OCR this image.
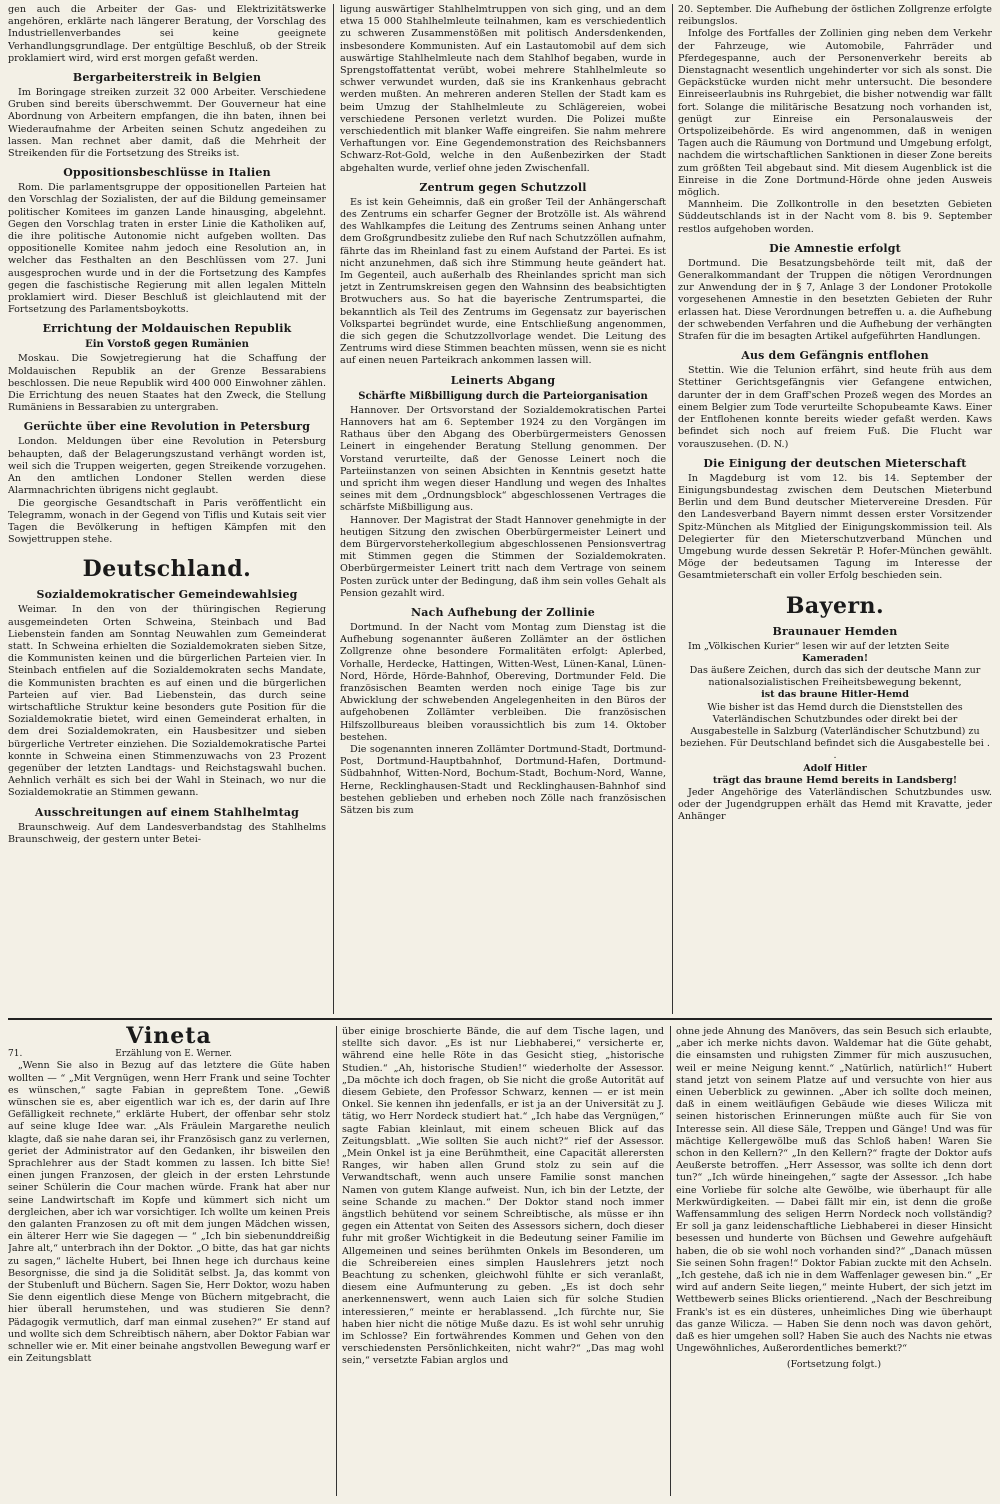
gen auch die Arbeiter der Gas- und Elektrizitätswerke angehören, erklärte nach längerer Beratung, der Vorschlag des Industriellenverbandes sei keine geeignete Verhandlungsgrundlage. Der entgültige Beschluß, ob der Streik proklamiert wird, wird erst morgen gefaßt werden.

Bergarbeiterstreik in Belgien

Im Boringage streiken zurzeit 32 000 Arbeiter. Verschiedene Gruben sind bereits überschwemmt. Der Gouverneur hat eine Abordnung von Arbeitern empfangen, die ihn baten, ihnen bei Wiederaufnahme der Arbeiten seinen Schutz angedeihen zu lassen. Man rechnet aber damit, daß die Mehrheit der Streikenden für die Fortsetzung des Streiks ist.

Oppositionsbeschlüsse in Italien

Rom. Die parlamentsgruppe der oppositionellen Parteien hat den Vorschlag der Sozialisten, der auf die Bildung gemeinsamer politischer Komitees im ganzen Lande hinausging, abgelehnt. Gegen den Vorschlag traten in erster Linie die Katholiken auf, die ihre politische Autonomie nicht aufgeben wollten. Das oppositionelle Komitee nahm jedoch eine Resolution an, in welcher das Festhalten an den Beschlüssen vom 27. Juni ausgesprochen wurde und in der die Fortsetzung des Kampfes gegen die faschistische Regierung mit allen legalen Mitteln proklamiert wird. Dieser Beschluß ist gleichlautend mit der Fortsetzung des Parlamentsboykotts.

Errichtung der Moldauischen Republik
Ein Vorstoß gegen Rumänien

Moskau. Die Sowjetregierung hat die Schaffung der Moldauischen Republik an der Grenze Bessarabiens beschlossen. Die neue Republik wird 400 000 Einwohner zählen. Die Errichtung des neuen Staates hat den Zweck, die Stellung Rumäniens in Bessarabien zu untergraben.

Gerüchte über eine Revolution in Petersburg

London. Meldungen über eine Revolution in Petersburg behaupten, daß der Belagerungszustand verhängt worden ist, weil sich die Truppen weigerten, gegen Streikende vorzugehen. An den amtlichen Londoner Stellen werden diese Alarmnachrichten übrigens nicht geglaubt.

Die georgische Gesandtschaft in Paris veröffentlicht ein Telegramm, wonach in der Gegend von Tiflis und Kutais seit vier Tagen die Bevölkerung in heftigen Kämpfen mit den Sowjettruppen stehe.

Deutschland.
Sozialdemokratischer Gemeindewahlsieg

Weimar. In den von der thüringischen Regierung ausgemeindeten Orten Schweina, Steinbach und Bad Liebenstein fanden am Sonntag Neuwahlen zum Gemeinderat statt. In Schweina erhielten die Sozialdemokraten sieben Sitze, die Kommunisten keinen und die bürgerlichen Parteien vier. In Steinbach entfielen auf die Sozialdemokraten sechs Mandate, die Kommunisten brachten es auf einen und die bürgerlichen Parteien auf vier. Bad Liebenstein, das durch seine wirtschaftliche Struktur keine besonders gute Position für die Sozialdemokratie bietet, wird einen Gemeinderat erhalten, in dem drei Sozialdemokraten, ein Hausbesitzer und sieben bürgerliche Vertreter einziehen. Die Sozialdemokratische Partei konnte in Schweina einen Stimmenzuwachs von 23 Prozent gegenüber der letzten Landtags- und Reichstagswahl buchen. Aehnlich verhält es sich bei der Wahl in Steinach, wo nur die Sozialdemokratie an Stimmen gewann.

Ausschreitungen auf einem Stahlhelmtag

Braunschweig. Auf dem Landesverbandstag des Stahlhelms Braunschweig, der gestern unter Betei-

ligung auswärtiger Stahlhelmtruppen von sich ging, und an dem etwa 15 000 Stahlhelmleute teilnahmen, kam es verschiedentlich zu schweren Zusammenstößen mit politisch Andersdenkenden, insbesondere Kommunisten. Auf ein Lastautomobil auf dem sich auswärtige Stahlhelmleute nach dem Stahlhof begaben, wurde in Sprengstoffattentat verübt, wobei mehrere Stahlhelmleute so schwer verwundet wurden, daß sie ins Krankenhaus gebracht werden mußten. An mehreren anderen Stellen der Stadt kam es beim Umzug der Stahlhelmleute zu Schlägereien, wobei verschiedene Personen verletzt wurden. Die Polizei mußte verschiedentlich mit blanker Waffe eingreifen. Sie nahm mehrere Verhaftungen vor. Eine Gegendemonstration des Reichsbanners Schwarz-Rot-Gold, welche in den Außenbezirken der Stadt abgehalten wurde, verlief ohne jeden Zwischenfall.

Zentrum gegen Schutzzoll

Es ist kein Geheimnis, daß ein großer Teil der Anhängerschaft des Zentrums ein scharfer Gegner der Brotzölle ist. Als während des Wahlkampfes die Leitung des Zentrums seinen Anhang unter dem Großgrundbesitz zuliebe den Ruf nach Schutzzöllen aufnahm, fährte das im Rheinland fast zu einem Aufstand der Partei. Es ist nicht anzunehmen, daß sich ihre Stimmung heute geändert hat. Im Gegenteil, auch außerhalb des Rheinlandes spricht man sich jetzt in Zentrumskreisen gegen den Wahnsinn des beabsichtigten Brotwuchers aus. So hat die bayerische Zentrumspartei, die bekanntlich als Teil des Zentrums im Gegensatz zur bayerischen Volkspartei begründet wurde, eine Entschließung angenommen, die sich gegen die Schutzzollvorlage wendet. Die Leitung des Zentrums wird diese Stimmen beachten müssen, wenn sie es nicht auf einen neuen Parteikrach ankommen lassen will.

Leinerts Abgang
Schärfte Mißbilligung durch die Parteiorganisation

Hannover. Der Ortsvorstand der Sozialdemokratischen Partei Hannovers hat am 6. September 1924 zu den Vorgängen im Rathaus über den Abgang des Oberbürgermeisters Genossen Leinert in eingehender Beratung Stellung genommen. Der Vorstand verurteilte, daß der Genosse Leinert noch die Parteiinstanzen von seinen Absichten in Kenntnis gesetzt hatte und spricht ihm wegen dieser Handlung und wegen des Inhaltes seines mit dem „Ordnungsblock“ abgeschlossenen Vertrages die schärfste Mißbilligung aus.

Hannover. Der Magistrat der Stadt Hannover genehmigte in der heutigen Sitzung den zwischen Oberbürgermeister Leinert und dem Bürgervorsteherkollegium abgeschlossenen Pensionsvertrag mit Stimmen gegen die Stimmen der Sozialdemokraten. Oberbürgermeister Leinert tritt nach dem Vertrage von seinem Posten zurück unter der Bedingung, daß ihm sein volles Gehalt als Pension gezahlt wird.

Nach Aufhebung der Zollinie

Dortmund. In der Nacht vom Montag zum Dienstag ist die Aufhebung sogenannter äußeren Zollämter an der östlichen Zollgrenze ohne besondere Formalitäten erfolgt: Aplerbed, Vorhalle, Herdecke, Hattingen, Witten-West, Lünen-Kanal, Lünen-Nord, Hörde, Hörde-Bahnhof, Obereving, Dortmunder Feld. Die französischen Beamten werden noch einige Tage bis zur Abwicklung der schwebenden Angelegenheiten in den Büros der aufgehobenen Zollämter verbleiben. Die französischen Hilfszollbureaus bleiben voraussichtlich bis zum 14. Oktober bestehen.

Die sogenannten inneren Zollämter Dortmund-Stadt, Dortmund-Post, Dortmund-Hauptbahnhof, Dortmund-Hafen, Dortmund-Südbahnhof, Witten-Nord, Bochum-Stadt, Bochum-Nord, Wanne, Herne, Recklinghausen-Stadt und Recklinghausen-Bahnhof sind bestehen geblieben und erheben noch Zölle nach französischen Sätzen bis zum

20. September. Die Aufhebung der östlichen Zollgrenze erfolgte reibungslos.

Infolge des Fortfalles der Zollinien ging neben dem Verkehr der Fahrzeuge, wie Automobile, Fahrräder und Pferdegespanne, auch der Personenverkehr bereits ab Dienstagnacht wesentlich ungehinderter vor sich als sonst. Die Gepäckstücke wurden nicht mehr untersucht. Die besondere Einreiseerlaubnis ins Ruhrgebiet, die bisher notwendig war fällt fort. Solange die militärische Besatzung noch vorhanden ist, genügt zur Einreise ein Personalausweis der Ortspolizeibehörde. Es wird angenommen, daß in wenigen Tagen auch die Räumung von Dortmund und Umgebung erfolgt, nachdem die wirtschaftlichen Sanktionen in dieser Zone bereits zum größten Teil abgebaut sind. Mit diesem Augenblick ist die Einreise in die Zone Dortmund-Hörde ohne jeden Ausweis möglich.

Mannheim. Die Zollkontrolle in den besetzten Gebieten Süddeutschlands ist in der Nacht vom 8. bis 9. September restlos aufgehoben worden.

Die Amnestie erfolgt

Dortmund. Die Besatzungsbehörde teilt mit, daß der Generalkommandant der Truppen die nötigen Verordnungen zur Anwendung der in § 7, Anlage 3 der Londoner Protokolle vorgesehenen Amnestie in den besetzten Gebieten der Ruhr erlassen hat. Diese Verordnungen betreffen u. a. die Aufhebung der schwebenden Verfahren und die Aufhebung der verhängten Strafen für die im besagten Artikel aufgeführten Handlungen.

Aus dem Gefängnis entflohen

Stettin. Wie die Telunion erfährt, sind heute früh aus dem Stettiner Gerichtsgefängnis vier Gefangene entwichen, darunter der in dem Graff'schen Prozeß wegen des Mordes an einem Belgier zum Tode verurteilte Schopubeamte Kaws. Einer der Entflohenen konnte bereits wieder gefaßt werden. Kaws befindet sich noch auf freiem Fuß. Die Flucht war vorauszusehen. (D. N.)

Die Einigung der deutschen Mieterschaft

In Magdeburg ist vom 12. bis 14. September der Einigungsbundestag zwischen dem Deutschen Mieterbund Berlin und dem Bund deutscher Mietervereine Dresden. Für den Landesverband Bayern nimmt dessen erster Vorsitzender Spitz-München als Mitglied der Einigungskommission teil. Als Delegierter für den Mieterschutzverband München und Umgebung wurde dessen Sekretär P. Hofer-München gewählt. Möge der bedeutsamen Tagung im Interesse der Gesamtmieterschaft ein voller Erfolg beschieden sein.

Bayern.
Braunauer Hemden

Im „Völkischen Kurier“ lesen wir auf der letzten Seite

Kameraden!

Das äußere Zeichen, durch das sich der deutsche Mann zur nationalsozialistischen Freiheitsbewegung bekennt,

ist das braune Hitler-Hemd

Wie bisher ist das Hemd durch die Dienststellen des Vaterländischen Schutzbundes oder direkt bei der Ausgabestelle in Salzburg (Vaterländischer Schutzbund) zu beziehen. Für Deutschland befindet sich die Ausgabestelle bei . .

Adolf Hitler

trägt das braune Hemd bereits in Landsberg!

Jeder Angehörige des Vaterländischen Schutzbundes usw. oder der Jugendgruppen erhält das Hemd mit Kravatte, jeder Anhänger

Vineta
71.	Erzählung von E. Werner.

„Wenn Sie also in Bezug auf das letztere die Güte haben wollten — “ „Mit Vergnügen, wenn Herr Frank und seine Tochter es wünschen,“ sagte Fabian in gepreßtem Tone. „Gewiß wünschen sie es, aber eigentlich war ich es, der darin auf Ihre Gefälligkeit rechnete,“ erklärte Hubert, der offenbar sehr stolz auf seine kluge Idee war. „Als Fräulein Margarethe neulich klagte, daß sie nahe daran sei, ihr Französisch ganz zu verlernen, geriet der Administrator auf den Gedanken, ihr bisweilen den Sprachlehrer aus der Stadt kommen zu lassen. Ich bitte Sie! einen jungen Franzosen, der gleich in der ersten Lehrstunde seiner Schülerin die Cour machen würde. Frank hat aber nur seine Landwirtschaft im Kopfe und kümmert sich nicht um dergleichen, aber ich war vorsichtiger. Ich wollte um keinen Preis den galanten Franzosen zu oft mit dem jungen Mädchen wissen, ein älterer Herr wie Sie dagegen — “ „Ich bin siebenunddreißig Jahre alt,“ unterbrach ihn der Doktor. „O bitte, das hat gar nichts zu sagen,“ lächelte Hubert, bei Ihnen hege ich durchaus keine Besorgnisse, die sind ja die Solidität selbst. Ja, das kommt von der Stubenluft und Büchern. Sagen Sie, Herr Doktor, wozu haben Sie denn eigentlich diese Menge von Büchern mitgebracht, die hier überall herumstehen, und was studieren Sie denn? Pädagogik vermutlich, darf man einmal zusehen?“ Er stand auf und wollte sich dem Schreibtisch nähern, aber Doktor Fabian war schneller wie er. Mit einer beinahe angstvollen Bewegung warf er ein Zeitungsblatt

über einige broschierte Bände, die auf dem Tische lagen, und stellte sich davor. „Es ist nur Liebhaberei,“ versicherte er, während eine helle Röte in das Gesicht stieg, „historische Studien.“ „Ah, historische Studien!“ wiederholte der Assessor. „Da möchte ich doch fragen, ob Sie nicht die große Autorität auf diesem Gebiete, den Professor Schwarz, kennen — er ist mein Onkel. Sie kennen ihn jedenfalls, er ist ja an der Universität zu J. tätig, wo Herr Nordeck studiert hat.“ „Ich habe das Vergnügen,“ sagte Fabian kleinlaut, mit einem scheuen Blick auf das Zeitungsblatt. „Wie sollten Sie auch nicht?“ rief der Assessor. „Mein Onkel ist ja eine Berühmtheit, eine Capacität allerersten Ranges, wir haben allen Grund stolz zu sein auf die Verwandtschaft, wenn auch unsere Familie sonst manchen Namen von gutem Klange aufweist. Nun, ich bin der Letzte, der seine Schande zu machen.“ Der Doktor stand noch immer ängstlich behütend vor seinem Schreibtische, als müsse er ihn gegen ein Attentat von Seiten des Assessors sichern, doch dieser fuhr mit großer Wichtigkeit in die Bedeutung seiner Familie im Allgemeinen und seines berühmten Onkels im Besonderen, um die Schreibereien eines simplen Hauslehrers jetzt noch Beachtung zu schenken, gleichwohl fühlte er sich veranlaßt, diesem eine Aufmunterung zu geben. „Es ist doch sehr anerkennenswert, wenn auch Laien sich für solche Studien interessieren,“ meinte er herablassend. „Ich fürchte nur, Sie haben hier nicht die nötige Muße dazu. Es ist wohl sehr unruhig im Schlosse? Ein fortwährendes Kommen und Gehen von den verschiedensten Persönlichkeiten, nicht wahr?“ „Das mag wohl sein,“ versetzte Fabian arglos und

ohne jede Ahnung des Manövers, das sein Besuch sich erlaubte, „aber ich merke nichts davon. Waldemar hat die Güte gehabt, die einsamsten und ruhigsten Zimmer für mich auszusuchen, weil er meine Neigung kennt.“ „Natürlich, natürlich!“ Hubert stand jetzt von seinem Platze auf und versuchte von hier aus einen Ueberblick zu gewinnen. „Aber ich sollte doch meinen, daß in einem weitläufigen Gebäude wie dieses Wilicza mit seinen historischen Erinnerungen müßte auch für Sie von Interesse sein. All diese Säle, Treppen und Gänge! Und was für mächtige Kellergewölbe muß das Schloß haben! Waren Sie schon in den Kellern?“ „In den Kellern?“ fragte der Doktor aufs Aeußerste betroffen. „Herr Assessor, was sollte ich denn dort tun?“ „Ich würde hineingehen,“ sagte der Assessor. „Ich habe eine Vorliebe für solche alte Gewölbe, wie überhaupt für alle Merkwürdigkeiten. — Dabei fällt mir ein, ist denn die große Waffensammlung des seligen Herrn Nordeck noch vollständig? Er soll ja ganz leidenschaftliche Liebhaberei in dieser Hinsicht besessen und hunderte von Büchsen und Gewehre aufgehäuft haben, die ob sie wohl noch vorhanden sind?“ „Danach müssen Sie seinen Sohn fragen!“ Doktor Fabian zuckte mit den Achseln. „Ich gestehe, daß ich nie in dem Waffenlager gewesen bin.“ „Er wird auf andern Seite liegen,“ meinte Hubert, der sich jetzt im Wettbewerb seines Blicks orientierend. „Nach der Beschreibung Frank's ist es ein düsteres, unheimliches Ding wie überhaupt das ganze Wilicza. — Haben Sie denn noch was davon gehört, daß es hier umgehen soll? Haben Sie auch des Nachts nie etwas Ungewöhnliches, Außerordentliches bemerkt?“

(Fortsetzung folgt.)
